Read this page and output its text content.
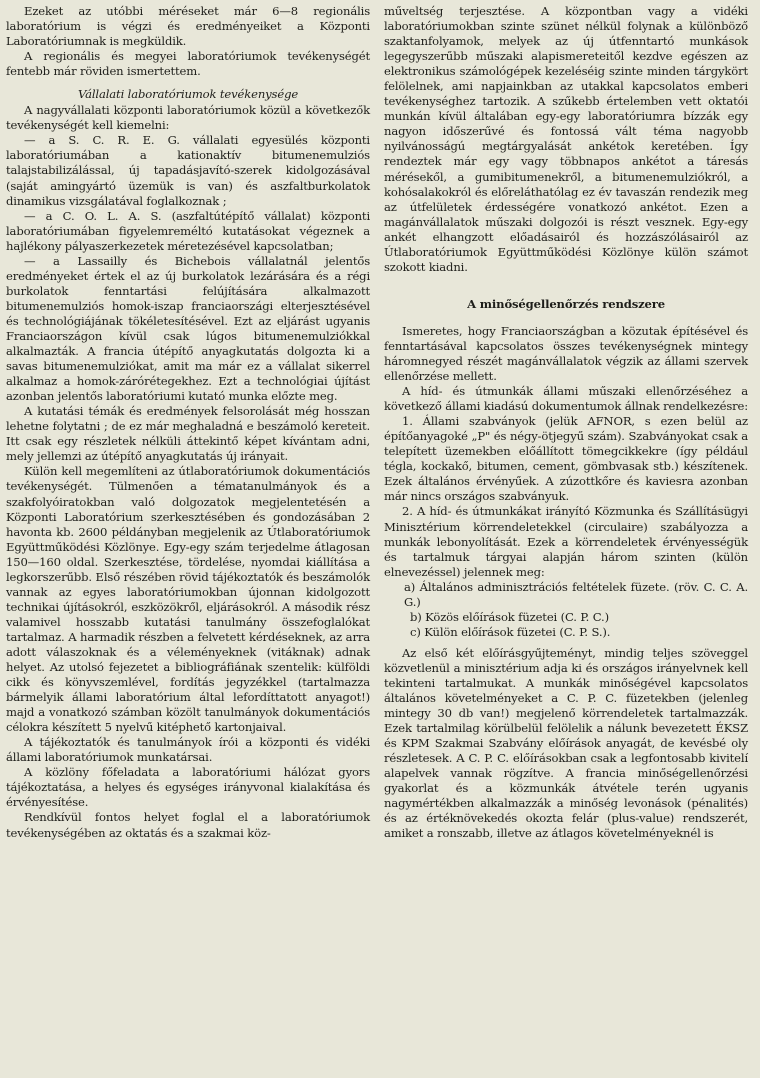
Ezeket az utóbbi méréseket már 6—8 regionális laboratórium is végzi és eredményeiket a Központi Laboratóriumnak is megküldik.

A regionális és megyei laboratóriumok tevékenységét fentebb már röviden ismertettem.

Vállalati laboratóriumok tevékenysége

A nagyvállalati központi laboratóriumok közül a következők tevékenységét kell kiemelni:

— a S. C. R. E. G. vállalati egyesülés központi laboratóriumában a kationaktív bitumenemulziós talajstabilizálással, új tapadásjavító-szerek kidolgozásával (saját amingyártó üzemük is van) és aszfaltburkolatok dinamikus vizsgálatával foglalkoznak ;

— a C. O. L. A. S. (aszfaltútépítő vállalat) központi laboratóriumában figyelemreméltó kutatásokat végeznek a hajlékony pályaszerkezetek méretezésével kapcsolatban;

— a Lassailly és Bichebois vállalatnál jelentős eredményeket értek el az új burkolatok lezárására és a régi burkolatok fenntartási felújítására alkalmazott bitumenemulziós homok-iszap franciaországi elterjesztésével és technológiájának tökéletesítésével. Ezt az eljárást ugyanis Franciaországon kívül csak lúgos bitumenemulziókkal alkalmazták. A francia útépítő anyagkutatás dolgozta ki a savas bitumenemulziókat, amit ma már ez a vállalat sikerrel alkalmaz a homok-zárórétegekhez. Ezt a technológiai újítást azonban jelentős laboratóriumi kutató munka előzte meg.

A kutatási témák és eredmények felsorolását még hosszan lehetne folytatni ; de ez már meghaladná e beszámoló kereteit. Itt csak egy részletek nélküli áttekintő képet kívántam adni, mely jellemzi az útépítő anyagkutatás új irányait.

Külön kell megemlíteni az útlaboratóriumok dokumentációs tevékenységét. Tülmenően a tématanulmányok és a szakfolyóiratokban való dolgozatok megjelentetésén a Központi Laboratórium szerkesztésében és gondozásában 2 havonta kb. 2600 példányban megjelenik az Útlaboratóriumok Együttműködési Közlönye. Egy-egy szám terjedelme átlagosan 150—160 oldal. Szerkesztése, tördelése, nyomdai kiállítása a legkorszerűbb. Első részében rövid tájékoztatók és beszámolók vannak az egyes laboratóriumokban újonnan kidolgozott technikai újításokról, eszközökről, eljárásokról. A második rész valamivel hosszabb kutatási tanulmány összefoglalókat tartalmaz. A harmadik részben a felvetett kérdéseknek, az arra adott válaszoknak és a véleményeknek (vitáknak) adnak helyet. Az utolsó fejezetet a bibliográfiának szentelik: külföldi cikk és könyvszemlével, fordítás jegyzékkel (tartalmazza bármelyik állami laboratórium által lefordíttatott anyagot!) majd a vonatkozó számban közölt tanulmányok dokumentációs célokra készített 5 nyelvű kitéphető kartonjaival.

A tájékoztatók és tanulmányok írói a központi és vidéki állami laboratóriumok munkatársai.

A közlöny főfeladata a laboratóriumi hálózat gyors tájékoztatása, a helyes és egységes irányvonal kialakítása és érvényesítése.

Rendkívül fontos helyet foglal el a laboratóriumok tevékenységében az oktatás és a szakmai köz-

műveltség terjesztése. A központban vagy a vidéki laboratóriumokban szinte szünet nélkül folynak a különböző szaktanfolyamok, melyek az új útfenntartó munkások legegyszerűbb műszaki alapismereteitől kezdve egészen az elektronikus számológépek kezeléséig szinte minden tárgykört felölelnek, ami napjainkban az utakkal kapcsolatos emberi tevékenységhez tartozik. A szűkebb értelemben vett oktatói munkán kívül általában egy-egy laboratóriumra bízzák egy nagyon időszerűvé és fontossá vált téma nagyobb nyilvánosságú megtárgyalását ankétok keretében. Így rendeztek már egy vagy többnapos ankétot a táresás mérésekől, a gumibitumenekről, a bitumenemulziókról, a kohósalakokról és előreláthatólag ez év tavaszán rendezik meg az útfelületek érdességére vonatkozó ankétot. Ezen a magánvállalatok műszaki dolgozói is részt vesznek. Egy-egy ankét elhangzott előadásairól és hozzászólásairól az Útlaboratóriumok Együttműködési Közlönye külön számot szokott kiadni.

A minőségellenőrzés rendszere

Ismeretes, hogy Franciaországban a közutak építésével és fenntartásával kapcsolatos összes tevékenységnek mintegy háromnegyed részét magánvállalatok végzik az állami szervek ellenőrzése mellett.

A híd- és útmunkák állami műszaki ellenőrzéséhez a következő állami kiadású dokumentumok állnak rendelkezésre:

1. Állami szabványok (jelük AFNOR, s ezen belül az építőanyagoké „P" és négy-ötjegyű szám). Szabványokat csak a telepített üzemekben előállított tömegcikkekre (így például tégla, kockakő, bitumen, cement, gömbvasak stb.) készítenek. Ezek általános érvényűek. A zúzottkőre és kaviesra azonban már nincs országos szabványuk.

2. A híd- és útmunkákat irányító Közmunka és Szállításügyi Minisztérium körrendeletekkel (circulaire) szabályozza a munkák lebonyolítását. Ezek a körrendeletek érvényességük és tartalmuk tárgyai alapján három szinten (külön elnevezéssel) jelennek meg:

a) Általános adminisztrációs feltételek füzete. (röv. C. C. A. G.)

b) Közös előírások füzetei (C. P. C.)

c) Külön előírások füzetei (C. P. S.).

Az első két előírásgyűjteményt, mindig teljes szöveggel közvetlenül a minisztérium adja ki és országos irányelvnek kell tekinteni tartalmukat. A munkák minőségével kapcsolatos általános követelményeket a C. P. C. füzetekben (jelenleg mintegy 30 db van!) megjelenő körrendeletek tartalmazzák. Ezek tartalmilag körülbelül felölelik a nálunk bevezetett ÉKSZ és KPM Szakmai Szabvány előírások anyagát, de kevésbé oly részletesek. A C. P. C. előírásokban csak a legfontosabb kivitelí alapelvek vannak rögzítve. A francia minőségellenőrzési gyakorlat és a közmunkák átvétele terén ugyanis nagymértékben alkalmazzák a minőség levonások (pénalités) és az értéknövekedés okozta felár (plus-value) rendszerét, amiket a ronszabb, illetve az átlagos követelményeknél is
